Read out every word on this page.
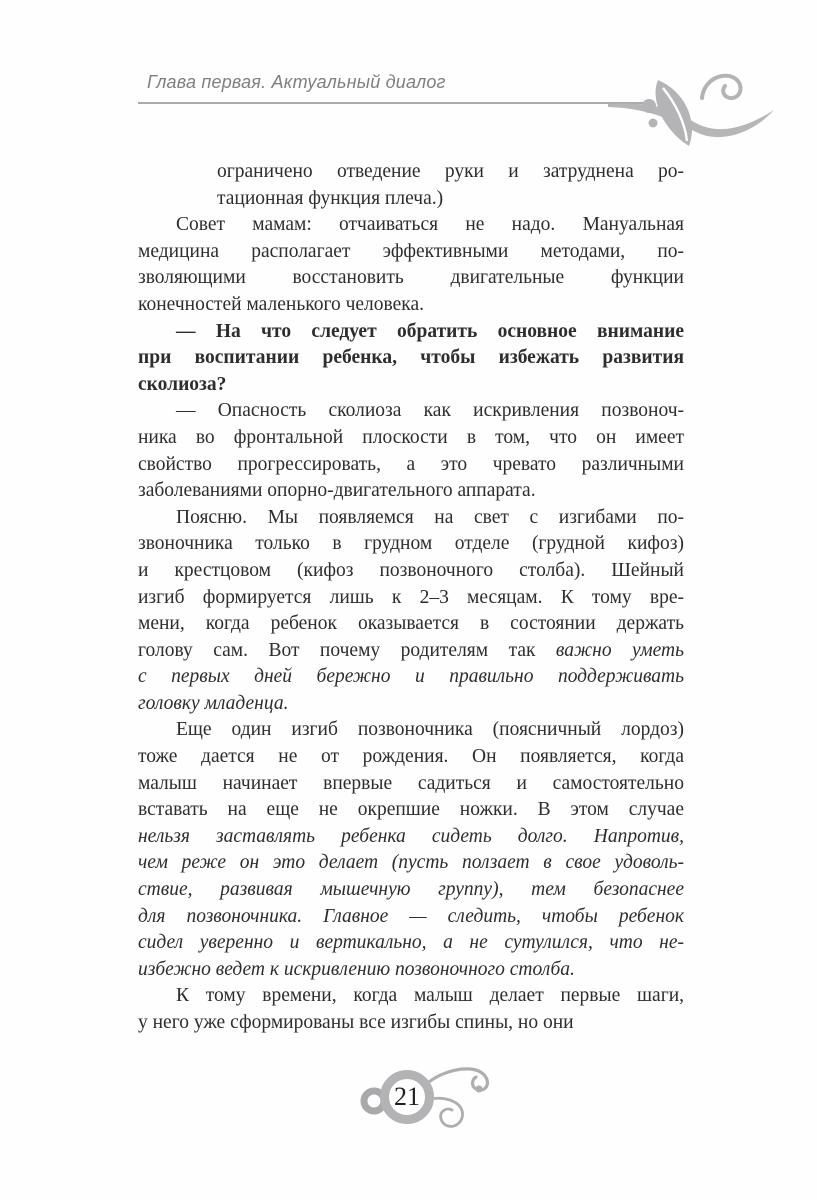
Глава первая. Актуальный диалог
ограничено отведение руки и затруднена ро-
тационная функция плеча.)
Совет мамам: отчаиваться не надо. Мануальная
медицина располагает эффективными методами, по-
зволяющими восстановить двигательные функции
конечностей маленького человека.
— На что следует обратить основное внимание
при воспитании ребенка, чтобы избежать развития
сколиоза?
— Опасность сколиоза как искривления позвоноч-
ника во фронтальной плоскости в том, что он имеет
свойство прогрессировать, а это чревато различными
заболеваниями опорно-двигательного аппарата.
Поясню. Мы появляемся на свет с изгибами по-
звоночника только в грудном отделе (грудной кифоз)
и крестцовом (кифоз позвоночного столба). Шейный
изгиб формируется лишь к 2–3 месяцам. К тому вре-
мени, когда ребенок оказывается в состоянии держать
голову сам. Вот почему родителям так важно уметь
с первых дней бережно и правильно поддерживать
головку младенца.
Еще один изгиб позвоночника (поясничный лордоз)
тоже дается не от рождения. Он появляется, когда
малыш начинает впервые садиться и самостоятельно
вставать на еще не окрепшие ножки. В этом случае
нельзя заставлять ребенка сидеть долго. Напротив,
чем реже он это делает (пусть ползает в свое удоволь-
ствие, развивая мышечную группу), тем безопаснее
для позвоночника. Главное — следить, чтобы ребенок
сидел уверенно и вертикально, а не сутулился, что не-
избежно ведет к искривлению позвоночного столба.
К тому времени, когда малыш делает первые шаги,
у него уже сформированы все изгибы спины, но они
21
